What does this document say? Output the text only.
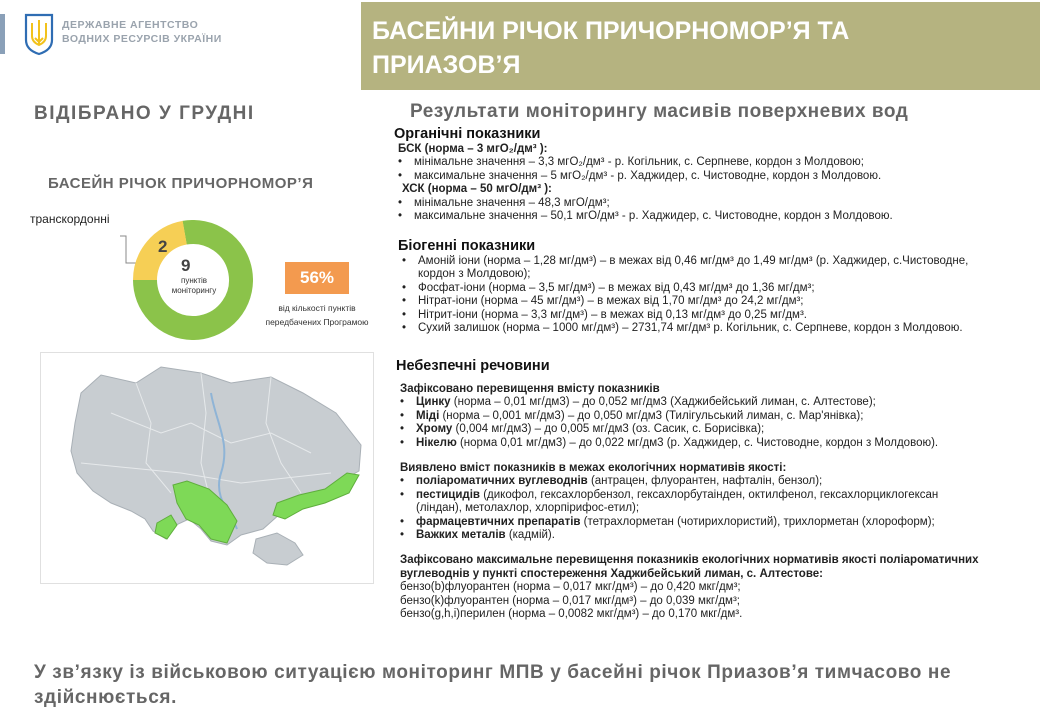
ДЕРЖАВНЕ АГЕНТСТВО
ВОДНИХ РЕСУРСІВ УКРАЇНИ	БАСЕЙНИ РІЧОК ПРИЧОРНОМОР’Я ТА
ПРИАЗОВ’Я
ВІДІБРАНО У ГРУДНІ
БАСЕЙН РІЧОК ПРИЧОРНОМОР’Я
транскордонні
2
9
пунктів моніторингу
56%
від кількості пунктів передбачених Програмою
Результати моніторингу масивів поверхневих вод
Органічні показники
БСК (норма – 3 мгО₂/дм³ ):
•	мінімальне значення – 3,3 мгО₂/дм³ - р. Когільник, с. Серпневе, кордон з Молдовою;
•	максимальне значення – 5 мгО₂/дм³ - р. Хаджидер, с. Чистоводне, кордон з Молдовою.
ХСК (норма – 50 мгО/дм³ ):
•	мінімальне значення – 48,3 мгО/дм³;
•	максимальне значення – 50,1 мгО/дм³ - р. Хаджидер, с. Чистоводне, кордон з Молдовою.
Біогенні показники
•	Амоній іони (норма – 1,28 мг/дм³) – в межах від 0,46 мг/дм³ до 1,49 мг/дм³ (р. Хаджидер, с.Чистоводне, кордон з Молдовою);
•	Фосфат-іони (норма – 3,5 мг/дм³) – в межах від 0,43 мг/дм³ до 1,36 мг/дм³;
•	Нітрат-іони (норма – 45 мг/дм³) – в межах від 1,70 мг/дм³ до 24,2 мг/дм³;
•	Нітрит-іони (норма – 3,3 мг/дм³) – в межах від 0,13 мг/дм³ до 0,25 мг/дм³.
•	Сухий залишок (норма – 1000 мг/дм³) – 2731,74 мг/дм³ р. Когільник, с. Серпневе, кордон з Молдовою.
Небезпечні речовини
Зафіксовано перевищення вмісту показників
•	Цинку (норма – 0,01 мг/дм3) – до 0,052 мг/дм3 (Хаджибейський лиман, с. Алтестове);
•	Міді (норма – 0,001 мг/дм3) – до 0,050 мг/дм3 (Тилігульський лиман, с. Мар'янівка);
•	Хрому (0,004 мг/дм3) – до 0,005 мг/дм3 (оз. Сасик, с. Борисівка);
•	Нікелю (норма 0,01 мг/дм3) – до 0,022 мг/дм3 (р. Хаджидер, с. Чистоводне, кордон з Молдовою).
Виявлено вміст показників в межах екологічних нормативів якості:
•	поліароматичних вуглеводнів (антрацен, флуорантен, нафталін, бензол);
•	пестицидів (дикофол, гексахлорбензол, гексахлорбутаінден, октилфенол, гексахлорциклогексан (ліндан), метолахлор, хлорпірифос-етил);
•	фармацевтичних препаратів (тетрахлорметан (чотирихлористий), трихлорметан (хлороформ);
•	Важких металів (кадмій).
Зафіксовано максимальне перевищення показників екологічних нормативів якості поліароматичних вуглеводнів у пункті спостереження Хаджибейський лиман, с. Алтестове:
бензо(b)флуорантен (норма – 0,017 мкг/дм³) – до 0,420 мкг/дм³;
бензо(k)флуорантен (норма – 0,017 мкг/дм³) – до 0,039 мкг/дм³;
бензо(g,h,i)перилен (норма – 0,0082 мкг/дм³) – до 0,170 мкг/дм³.
У зв’язку із військовою ситуацією моніторинг МПВ у басейні річок Приазов’я тимчасово не здійснюється.
